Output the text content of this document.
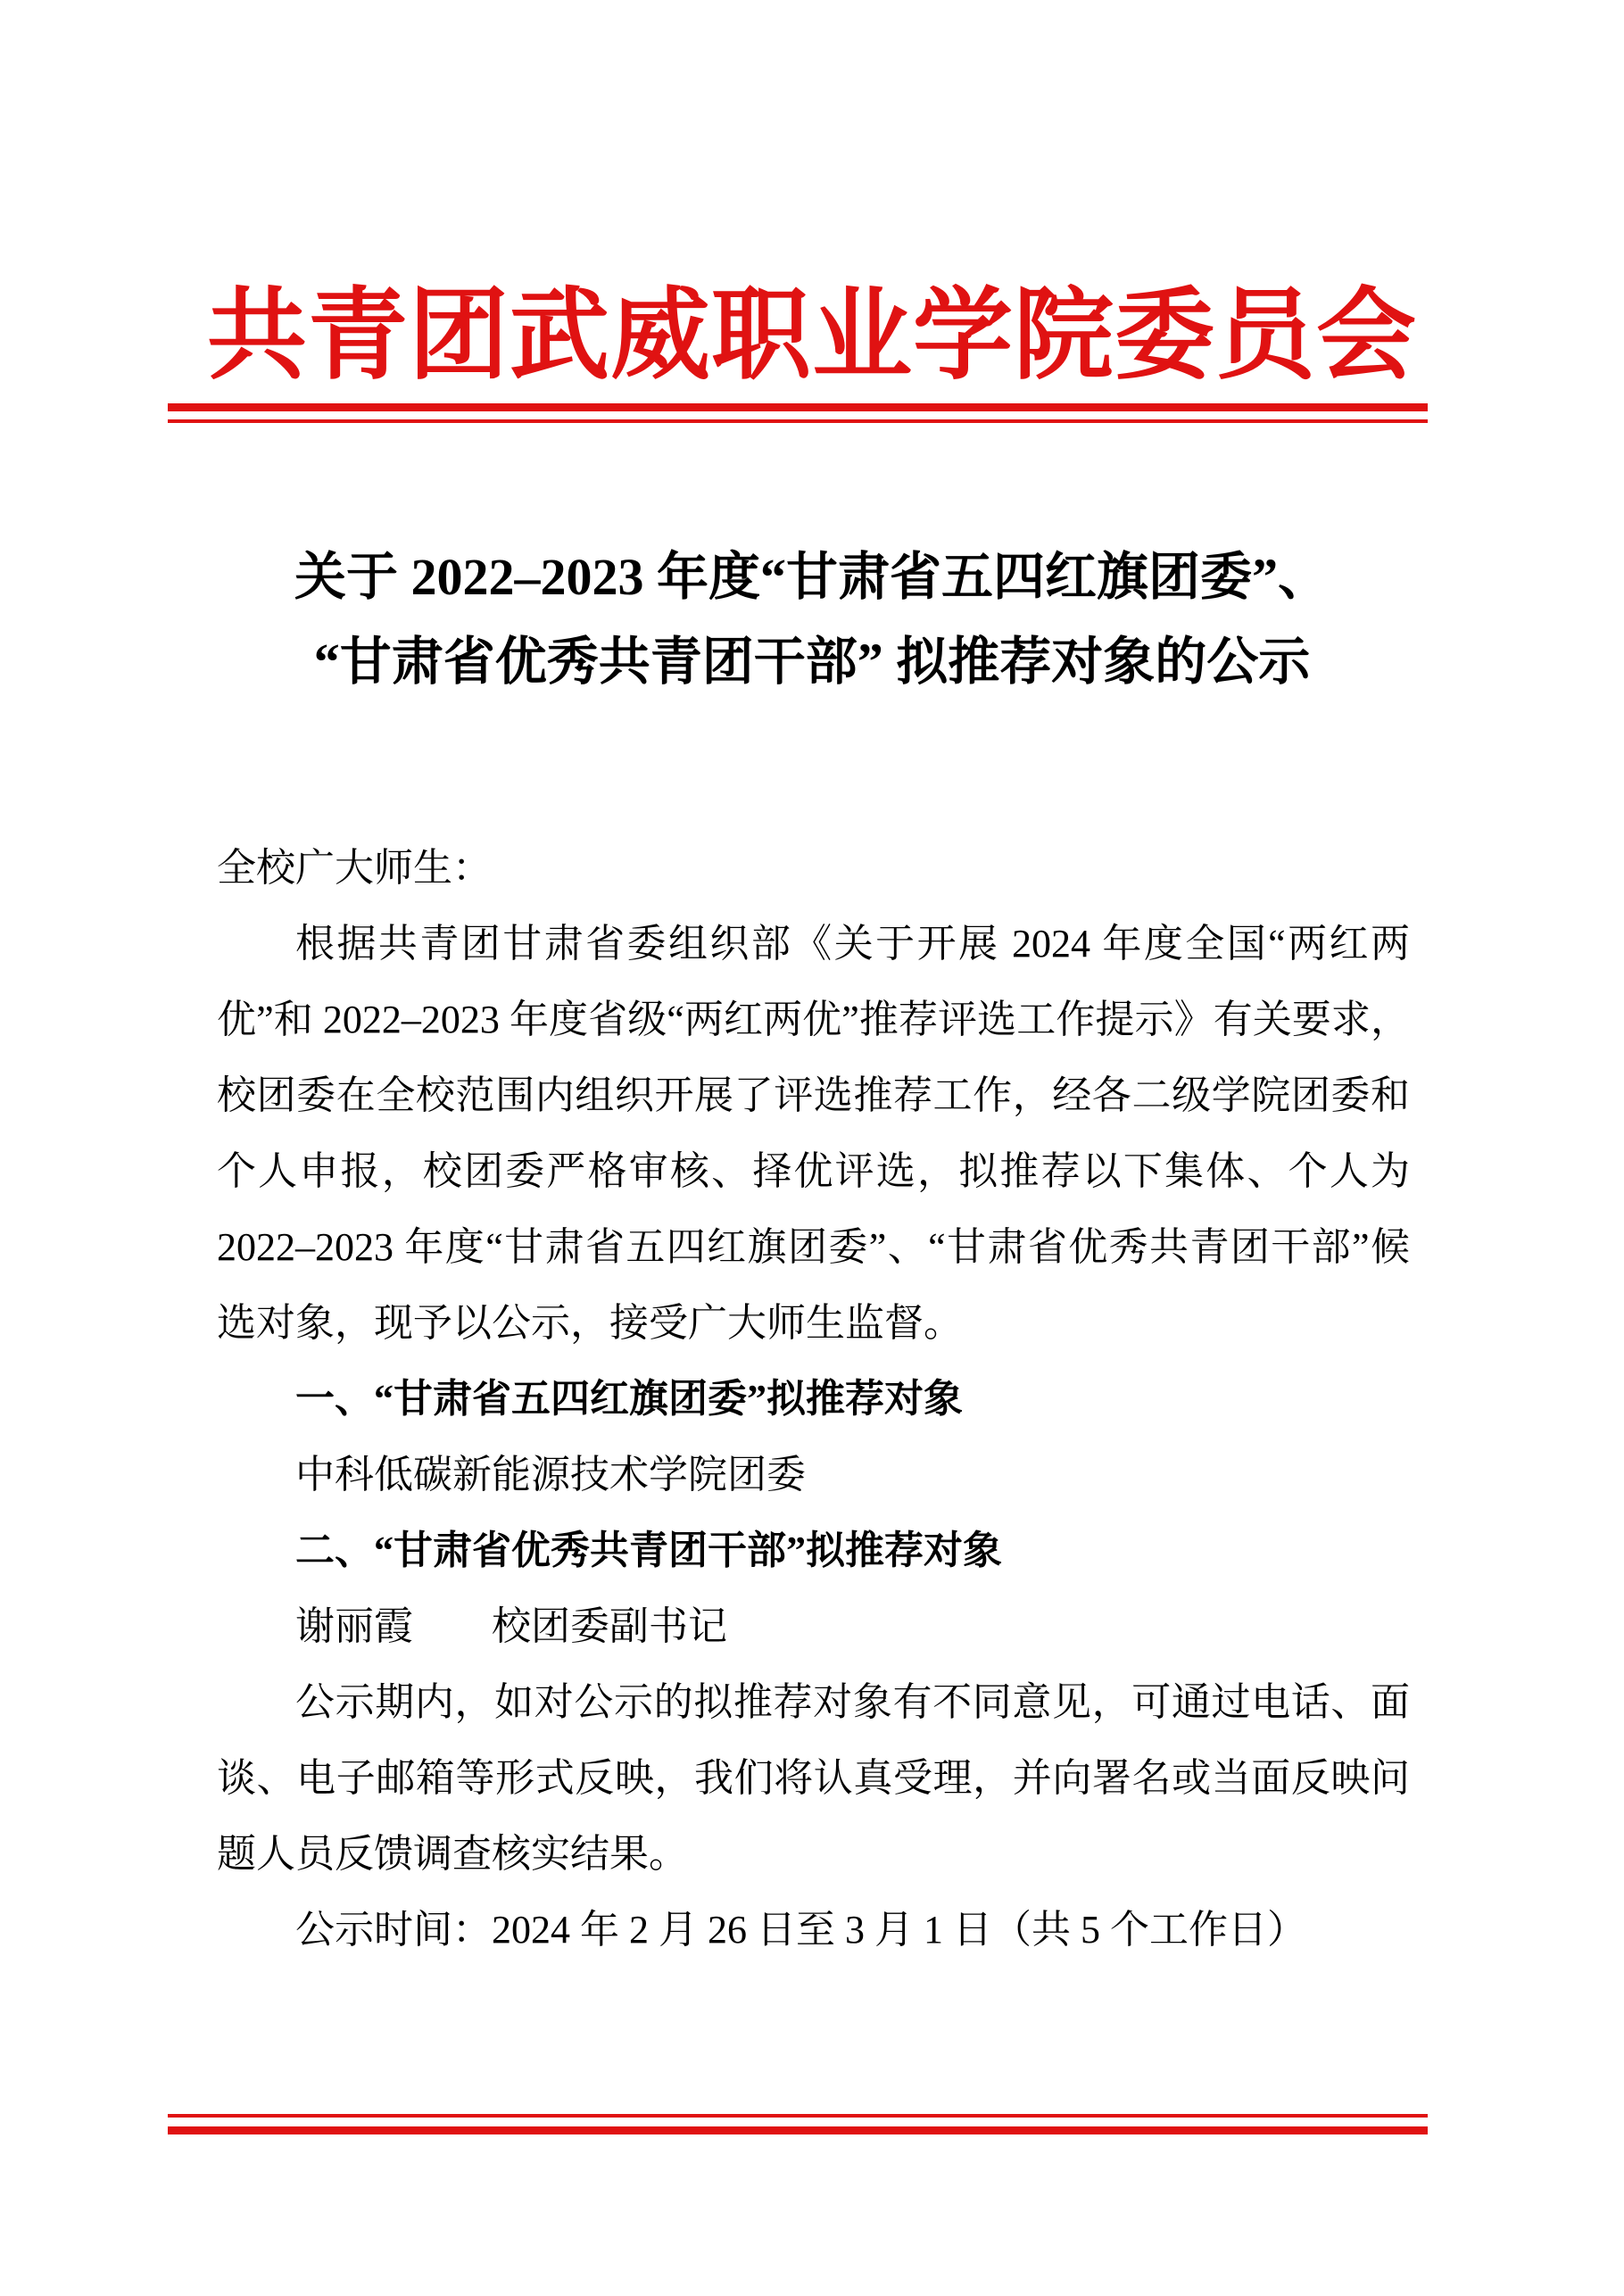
共青团武威职业学院委员会
关于 2022–2023 年度“甘肃省五四红旗团委”、
“甘肃省优秀共青团干部” 拟推荐对象的公示

全校广大师生：

根据共青团甘肃省委组织部《关于开展 2024 年度全国“两红两优”和 2022–2023 年度省级“两红两优”推荐评选工作提示》有关要求，校团委在全校范围内组织开展了评选推荐工作，经各二级学院团委和个人申报，校团委严格审核、择优评选，拟推荐以下集体、个人为 2022–2023 年度“甘肃省五四红旗团委”、“甘肃省优秀共青团干部”候选对象，现予以公示，接受广大师生监督。

一、“甘肃省五四红旗团委”拟推荐对象

中科低碳新能源技术学院团委

二、“甘肃省优秀共青团干部”拟推荐对象

谢丽霞　　校团委副书记

公示期内，如对公示的拟推荐对象有不同意见，可通过电话、面谈、电子邮箱等形式反映，我们将认真受理，并向署名或当面反映问题人员反馈调查核实结果。

公示时间：2024 年 2 月 26 日至 3 月 1 日（共 5 个工作日）
